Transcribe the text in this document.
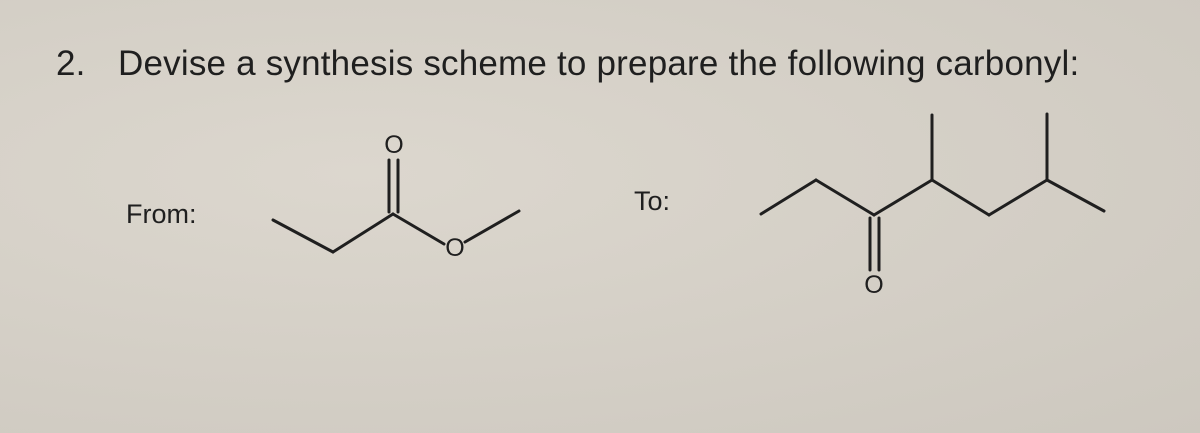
2. Devise a synthesis scheme to prepare the following carbonyl:
From:	To:
O
O
O
